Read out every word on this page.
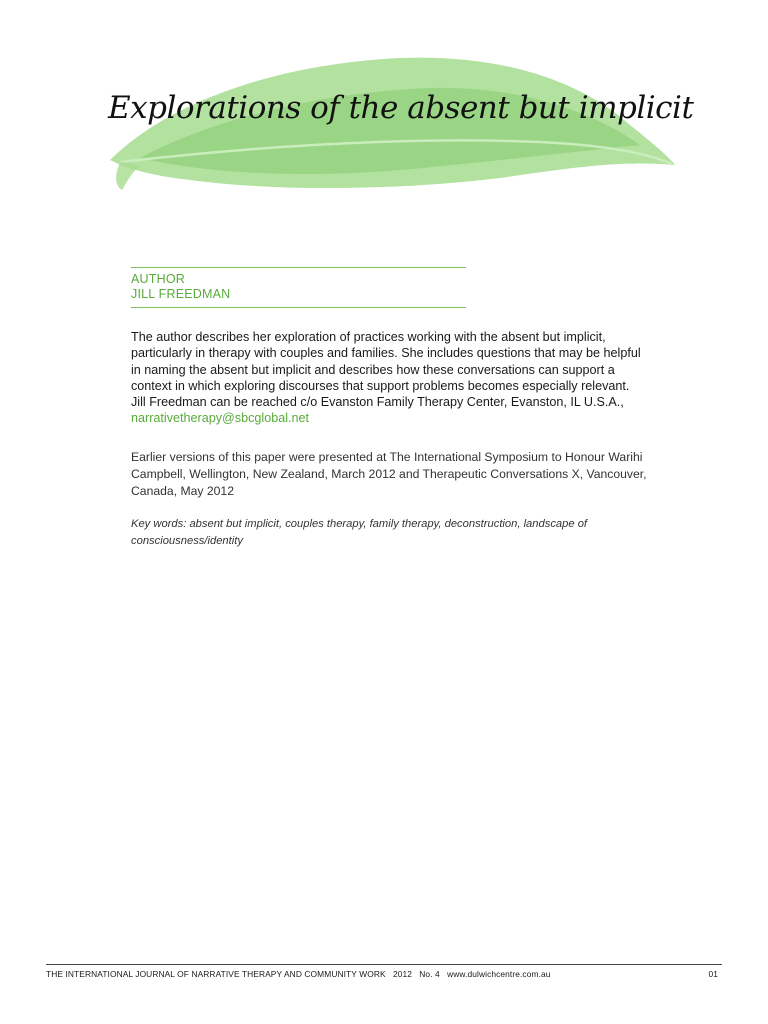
Explorations of the absent but implicit
AUTHOR
JILL FREEDMAN
The author describes her exploration of practices working with the absent but implicit, particularly in therapy with couples and families. She includes questions that may be helpful in naming the absent but implicit and describes how these conversations can support a context in which exploring discourses that support problems becomes especially relevant. Jill Freedman can be reached c/o Evanston Family Therapy Center, Evanston, IL U.S.A., narrativetherapy@sbcglobal.net
Earlier versions of this paper were presented at The International Symposium to Honour Warihi Campbell, Wellington, New Zealand, March 2012 and Therapeutic Conversations X, Vancouver, Canada, May 2012
Key words: absent but implicit, couples therapy, family therapy, deconstruction, landscape of consciousness/identity
THE INTERNATIONAL JOURNAL OF NARRATIVE THERAPY AND COMMUNITY WORK 2012 No. 4 www.dulwichcentre.com.au	01
